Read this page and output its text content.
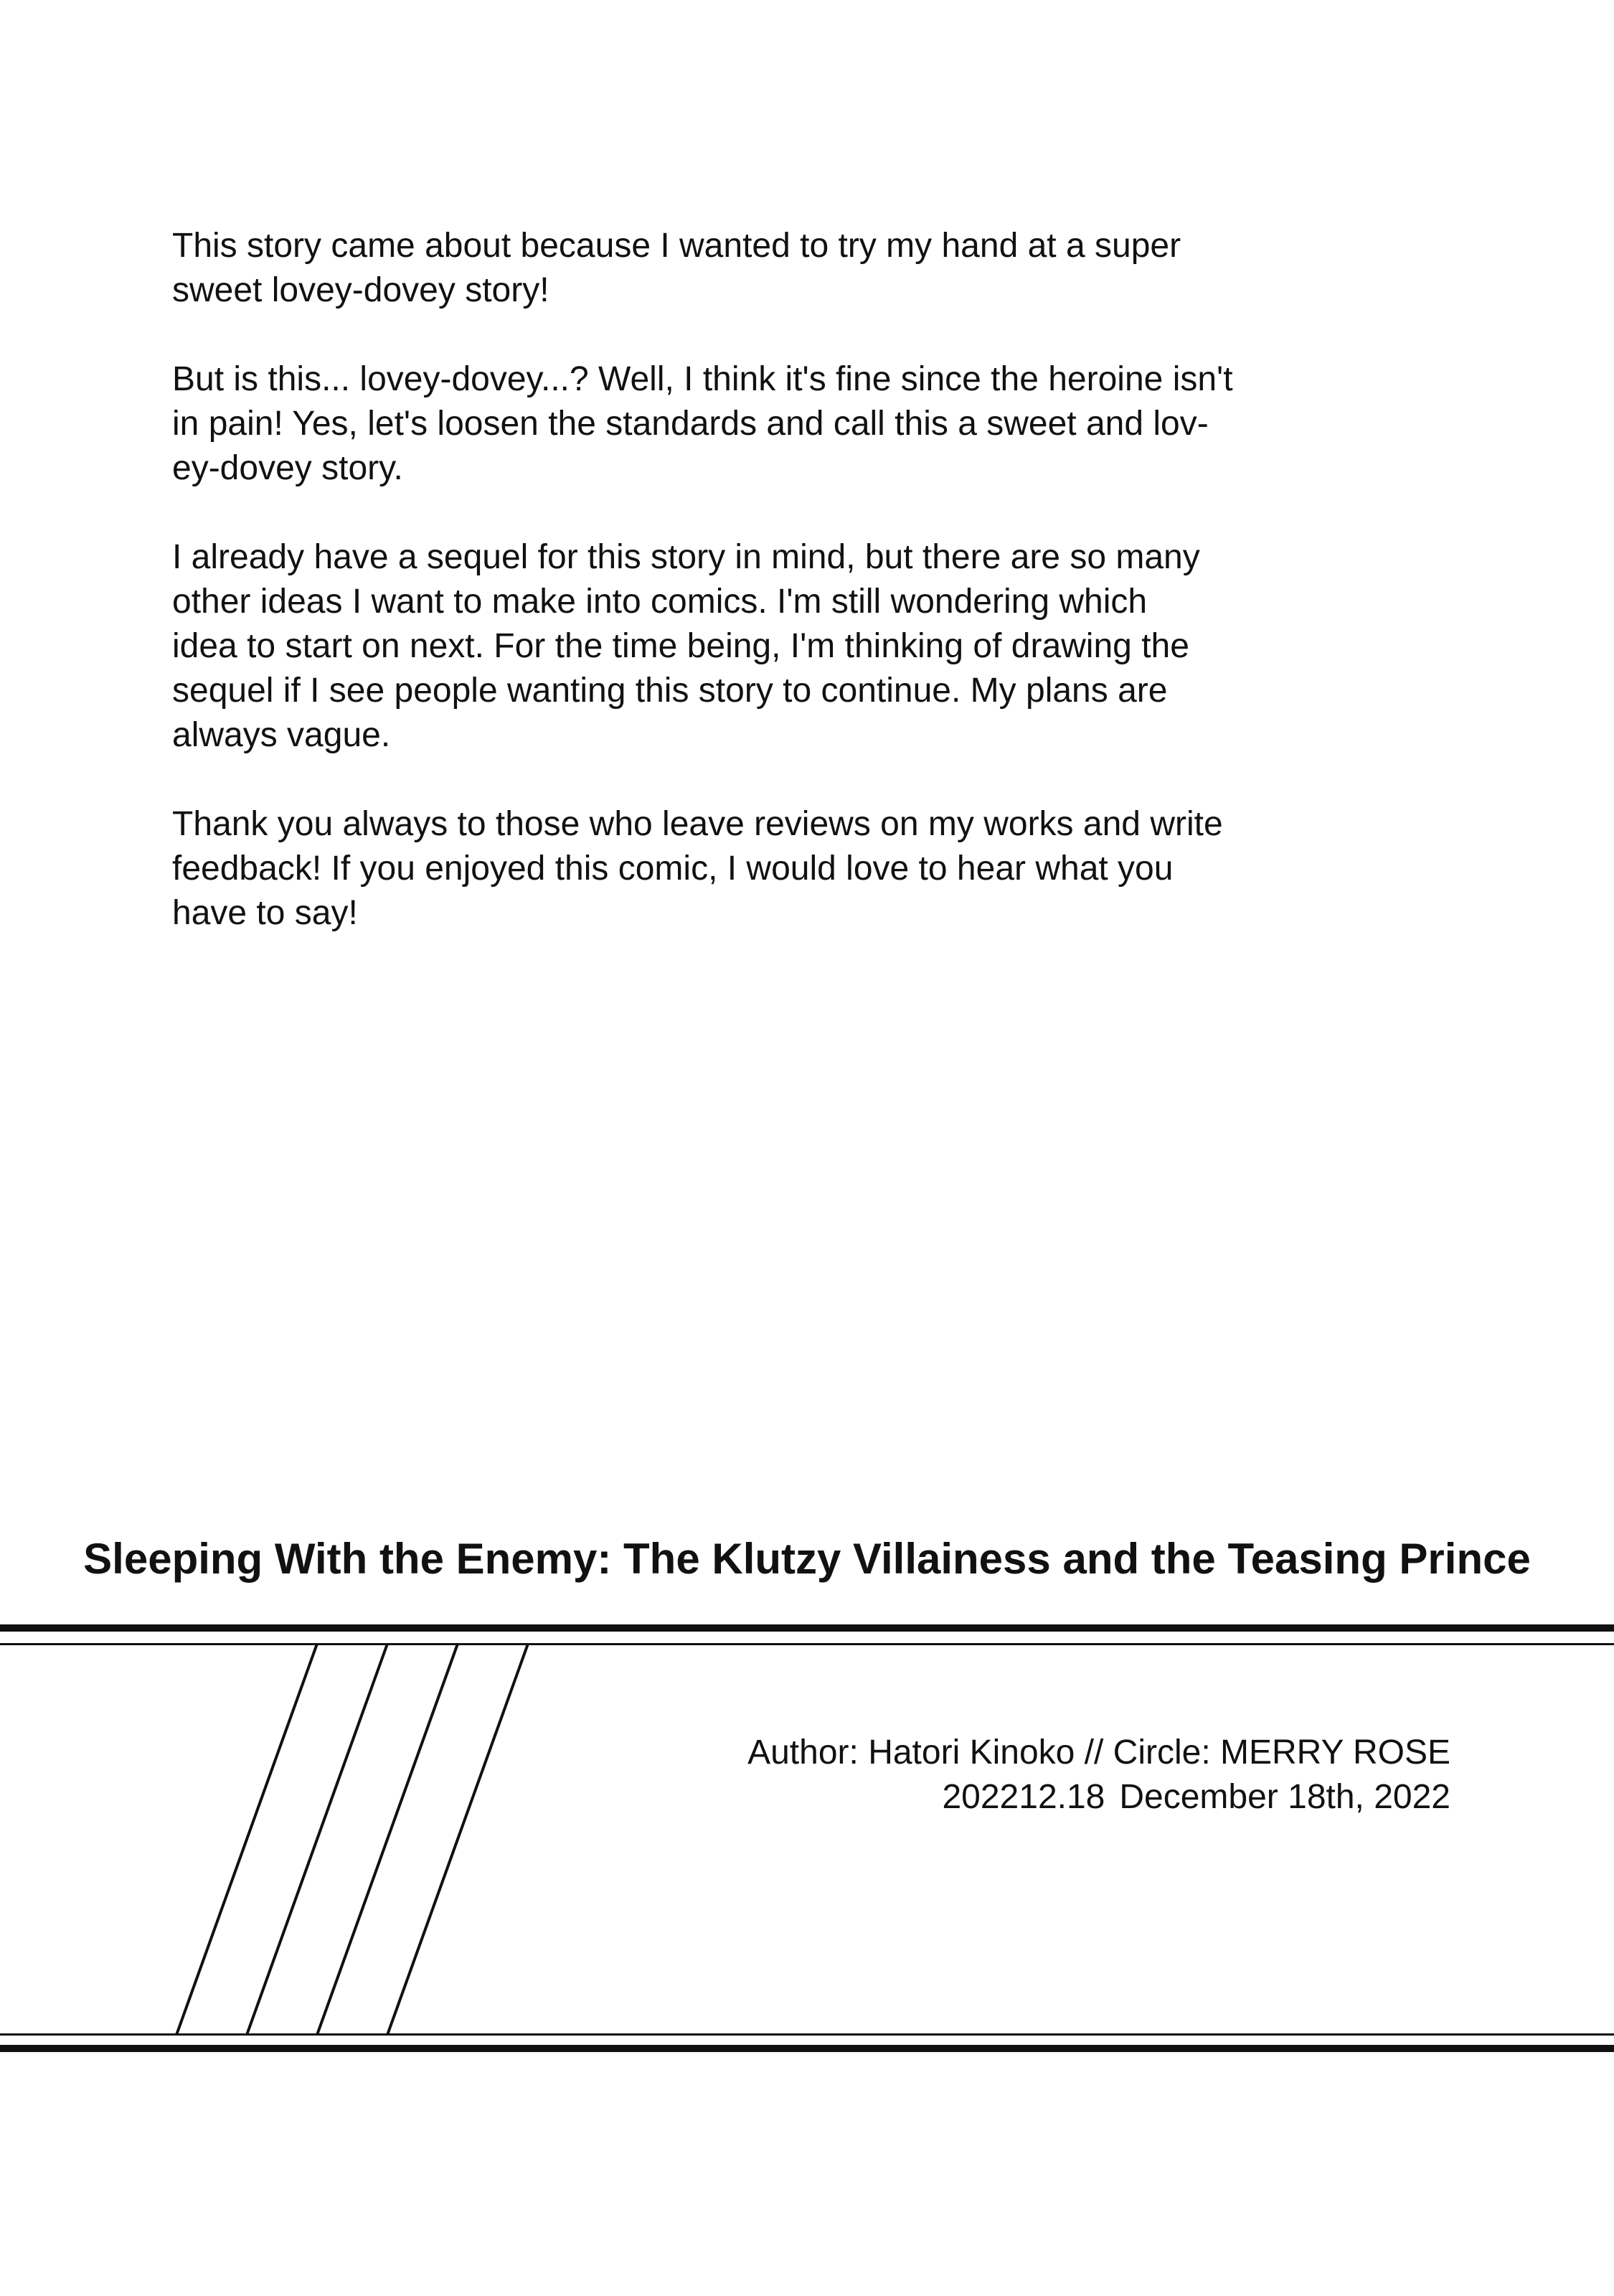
This story came about because I wanted to try my hand at a super
sweet lovey-dovey story!

But is this... lovey-dovey...? Well, I think it's fine since the heroine isn't
in pain! Yes, let's loosen the standards and call this a sweet and lov-
ey-dovey story.

I already have a sequel for this story in mind, but there are so many
other ideas I want to make into comics. I'm still wondering which
idea to start on next. For the time being, I'm thinking of drawing the
sequel if I see people wanting this story to continue. My plans are
always vague.

Thank you always to those who leave reviews on my works and write
feedback! If you enjoyed this comic, I would love to hear what you
have to say!

Sleeping With the Enemy: The Klutzy Villainess and the Teasing Prince
Author: Hatori Kinoko // Circle: MERRY ROSE
202212.18 December 18th, 2022
